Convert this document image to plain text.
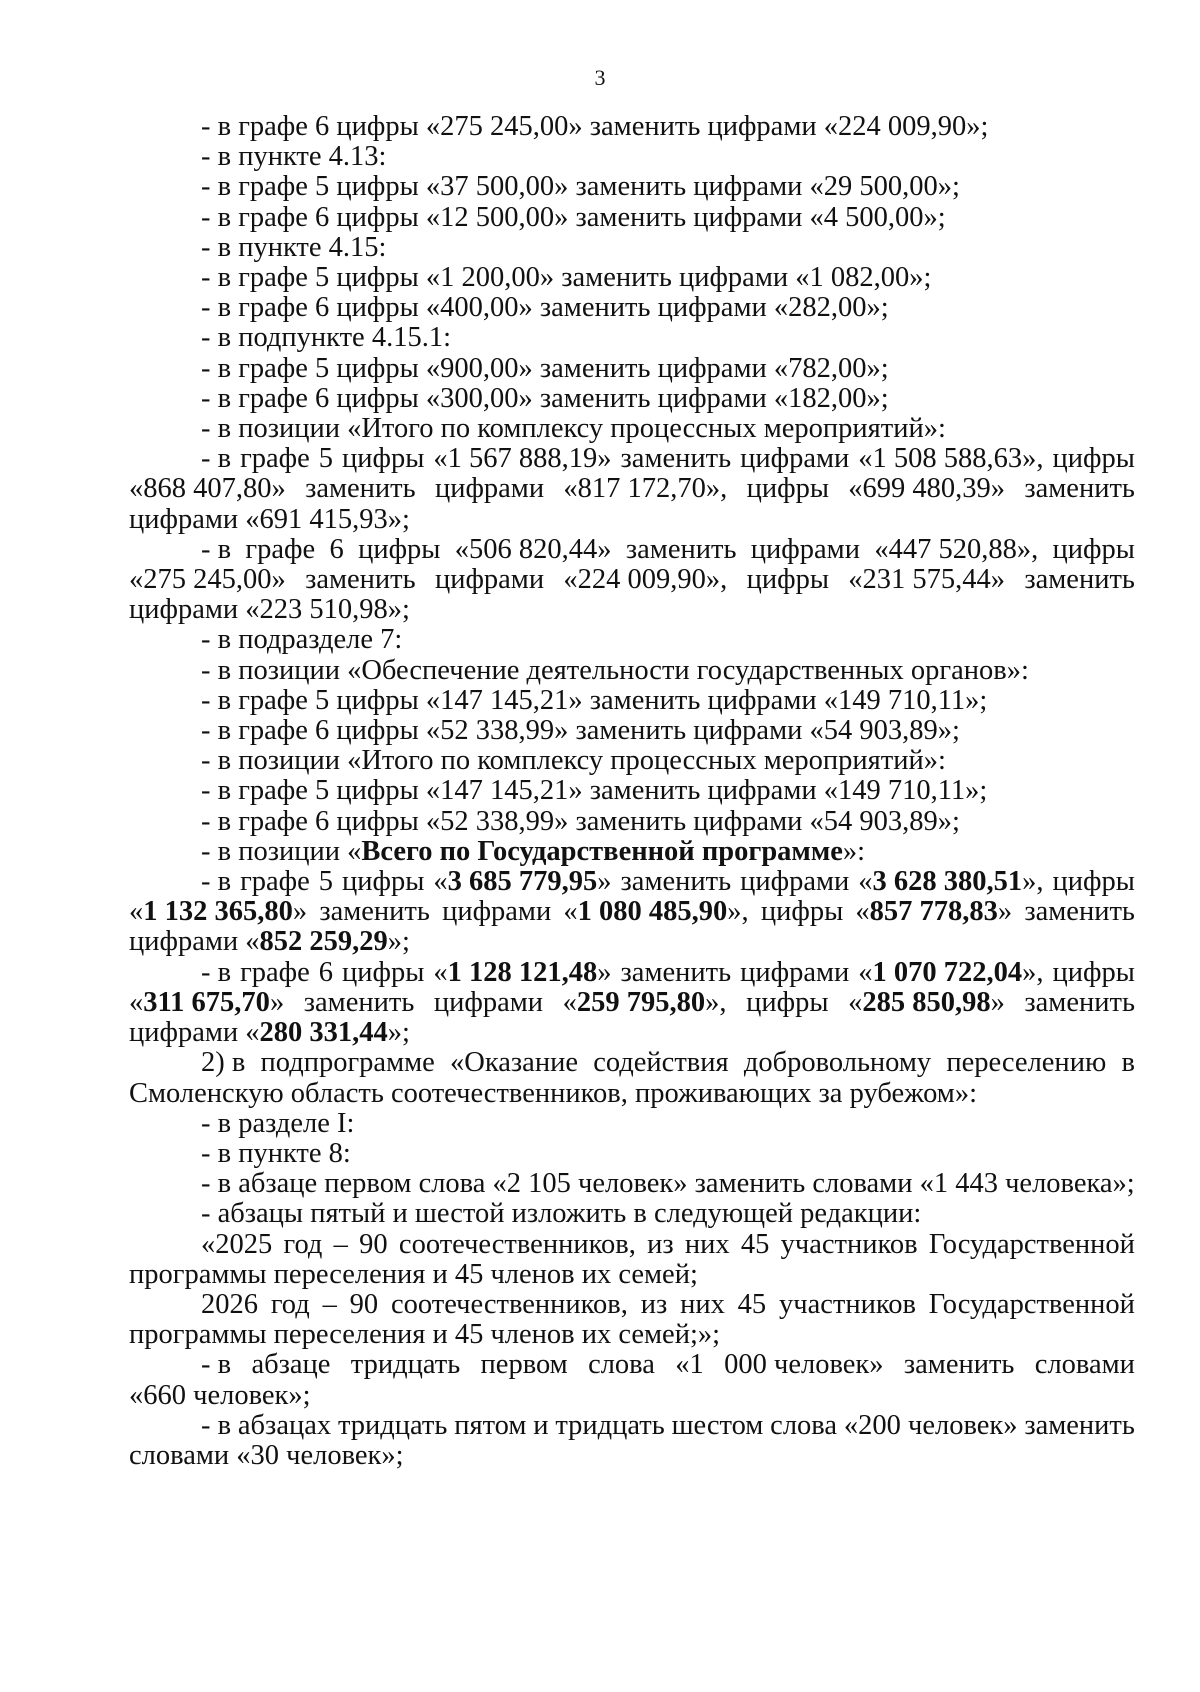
3
- в графе 6 цифры «275 245,00» заменить цифрами «224 009,90»;
- в пункте 4.13:
- в графе 5 цифры «37 500,00» заменить цифрами «29 500,00»;
- в графе 6 цифры «12 500,00» заменить цифрами «4 500,00»;
- в пункте 4.15:
- в графе 5 цифры «1 200,00» заменить цифрами «1 082,00»;
- в графе 6 цифры «400,00» заменить цифрами «282,00»;
- в подпункте 4.15.1:
- в графе 5 цифры «900,00» заменить цифрами «782,00»;
- в графе 6 цифры «300,00» заменить цифрами «182,00»;
- в позиции «Итого по комплексу процессных мероприятий»:
- в графе 5 цифры «1 567 888,19» заменить цифрами «1 508 588,63», цифры
«868 407,80» заменить цифрами «817 172,70», цифры «699 480,39» заменить
цифрами «691 415,93»;
- в графе 6 цифры «506 820,44» заменить цифрами «447 520,88», цифры
«275 245,00» заменить цифрами «224 009,90», цифры «231 575,44» заменить
цифрами «223 510,98»;
- в подразделе 7:
- в позиции «Обеспечение деятельности государственных органов»:
- в графе 5 цифры «147 145,21» заменить цифрами «149 710,11»;
- в графе 6 цифры «52 338,99» заменить цифрами «54 903,89»;
- в позиции «Итого по комплексу процессных мероприятий»:
- в графе 5 цифры «147 145,21» заменить цифрами «149 710,11»;
- в графе 6 цифры «52 338,99» заменить цифрами «54 903,89»;
- в позиции «Всего по Государственной программе»:
- в графе 5 цифры «3 685 779,95» заменить цифрами «3 628 380,51», цифры
«1 132 365,80» заменить цифрами «1 080 485,90», цифры «857 778,83» заменить
цифрами «852 259,29»;
- в графе 6 цифры «1 128 121,48» заменить цифрами «1 070 722,04», цифры
«311 675,70» заменить цифрами «259 795,80», цифры «285 850,98» заменить
цифрами «280 331,44»;
2) в подпрограмме «Оказание содействия добровольному переселению в
Смоленскую область соотечественников, проживающих за рубежом»:
- в разделе I:
- в пункте 8:
- в абзаце первом слова «2 105 человек» заменить словами «1 443 человека»;
- абзацы пятый и шестой изложить в следующей редакции:
«2025 год – 90 соотечественников, из них 45 участников Государственной
программы переселения и 45 членов их семей;
2026 год – 90 соотечественников, из них 45 участников Государственной
программы переселения и 45 членов их семей;»;
- в абзаце тридцать первом слова «1 000 человек» заменить словами
«660 человек»;
- в абзацах тридцать пятом и тридцать шестом слова «200 человек» заменить
словами «30 человек»;
